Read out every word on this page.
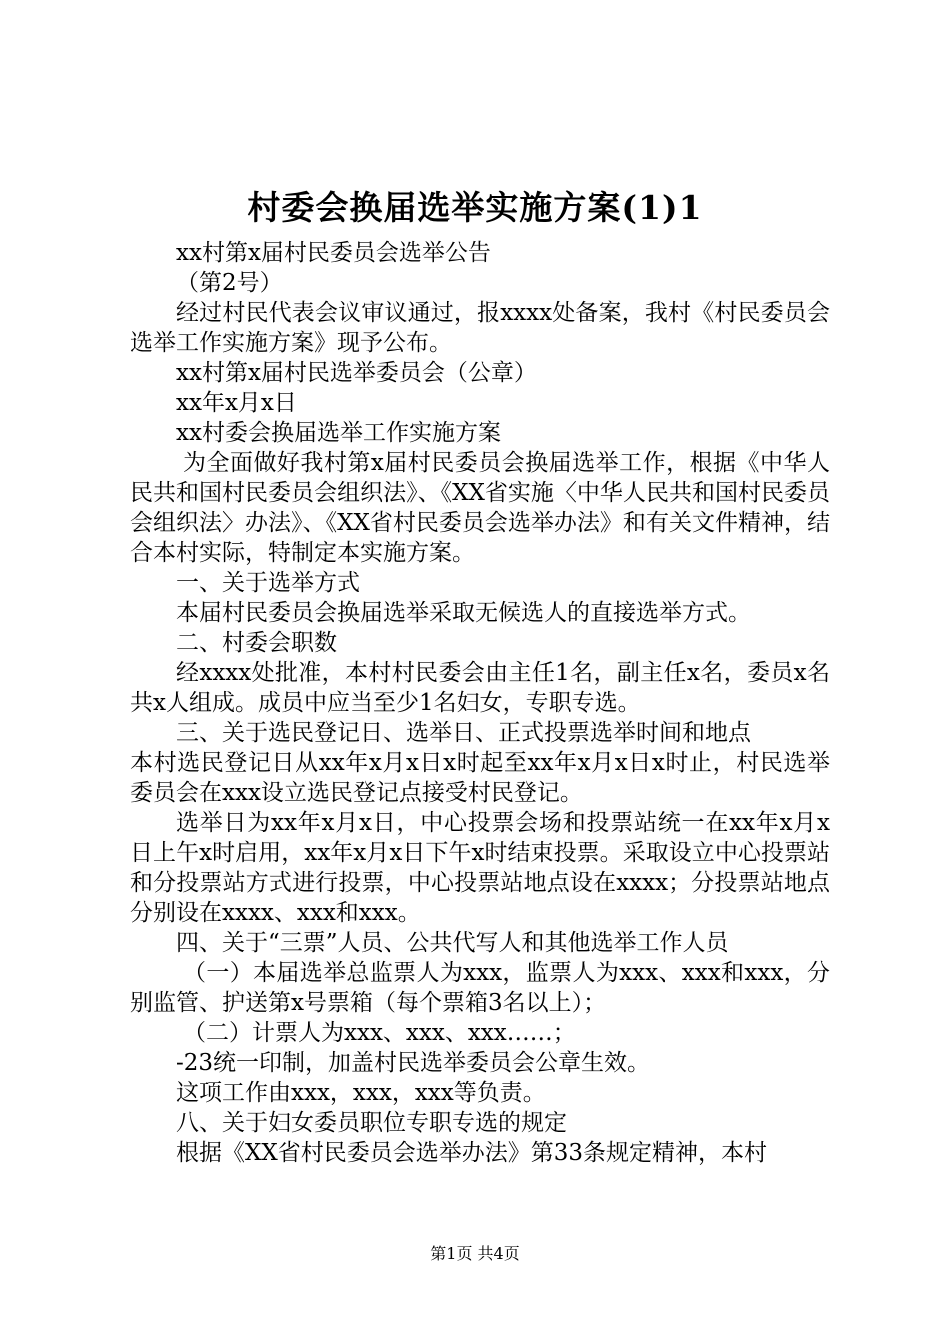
村委会换届选举实施方案(1)1

xx村第x届村民委员会选举公告

（第2号）

经过村民代表会议审议通过，报xxxx处备案，我村《村民委员会选举工作实施方案》现予公布。

xx村第x届村民选举委员会（公章）

xx年x月x日

xx村委会换届选举工作实施方案

为全面做好我村第x届村民委员会换届选举工作，根据《中华人民共和国村民委员会组织法》、《XX省实施〈中华人民共和国村民委员会组织法〉办法》、《XX省村民委员会选举办法》和有关文件精神，结合本村实际，特制定本实施方案。

一、关于选举方式

本届村民委员会换届选举采取无候选人的直接选举方式。

二、村委会职数

经xxxx处批准，本村村民委会由主任1名，副主任x名，委员x名共x人组成。成员中应当至少1名妇女，专职专选。

三、关于选民登记日、选举日、正式投票选举时间和地点

本村选民登记日从xx年x月x日x时起至xx年x月x日x时止，村民选举委员会在xxx设立选民登记点接受村民登记。

选举日为xx年x月x日，中心投票会场和投票站统一在xx年x月x日上午x时启用，xx年x月x日下午x时结束投票。采取设立中心投票站和分投票站方式进行投票，中心投票站地点设在xxxx；分投票站地点分别设在xxxx、xxx和xxx。

四、关于“三票”人员、公共代写人和其他选举工作人员

（一）本届选举总监票人为xxx，监票人为xxx、xxx和xxx，分别监管、护送第x号票箱（每个票箱3名以上）；

（二）计票人为xxx、xxx、xxx……；

-23统一印制，加盖村民选举委员会公章生效。

这项工作由xxx，xxx，xxx等负责。

八、关于妇女委员职位专职专选的规定

根据《XX省村民委员会选举办法》第33条规定精神，本村

第1页 共4页
